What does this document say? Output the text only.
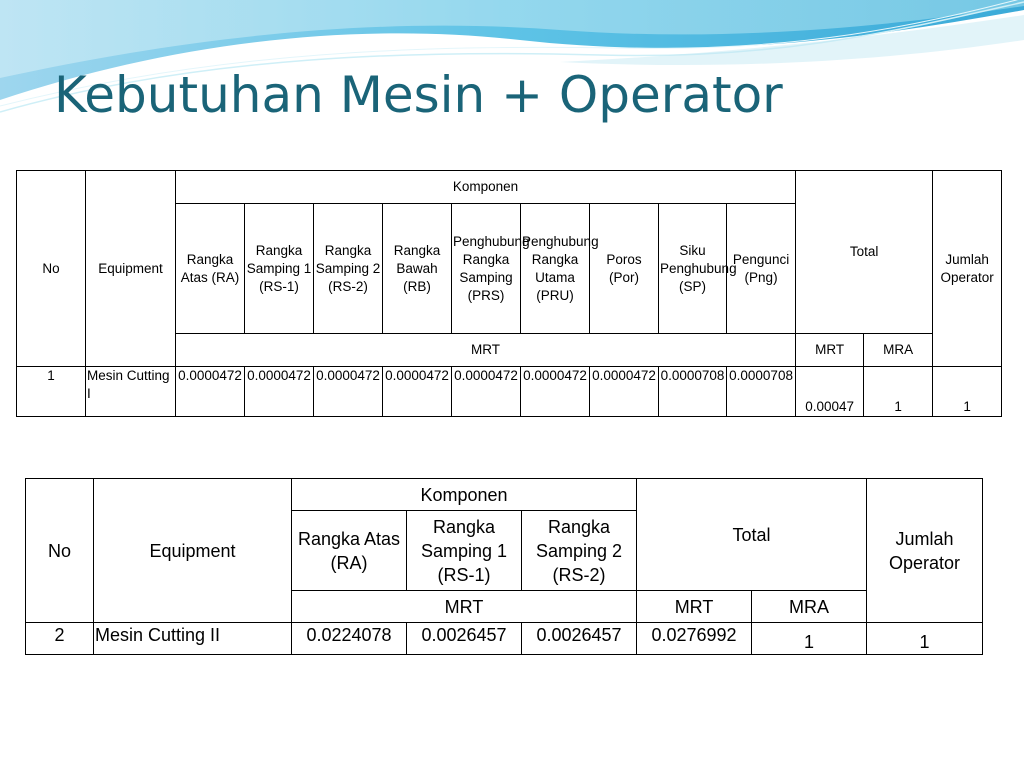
Kebutuhan Mesin + Operator
No	Equipment	Komponen									Total		Jumlah Operator
		Rangka Atas (RA)	Rangka Samping 1 (RS-1)	Rangka Samping 2 (RS-2)	Rangka Bawah (RB)	Penghubung Rangka Samping (PRS)	Penghubung Rangka Utama (PRU)	Poros (Por)	Siku Penghubung (SP)	Pengunci (Png)			
		MRT									MRT	MRA	
1	Mesin Cutting I	0.0000472	0.0000472	0.0000472	0.0000472	0.0000472	0.0000472	0.0000472	0.0000708	0.0000708	0.00047	1	1
No	Equipment	Komponen			Total		Jumlah Operator
		Rangka Atas (RA)	Rangka Samping 1 (RS-1)	Rangka Samping 2 (RS-2)			
		MRT			MRT	MRA	
2	Mesin Cutting II	0.0224078	0.0026457	0.0026457	0.0276992	1	1
